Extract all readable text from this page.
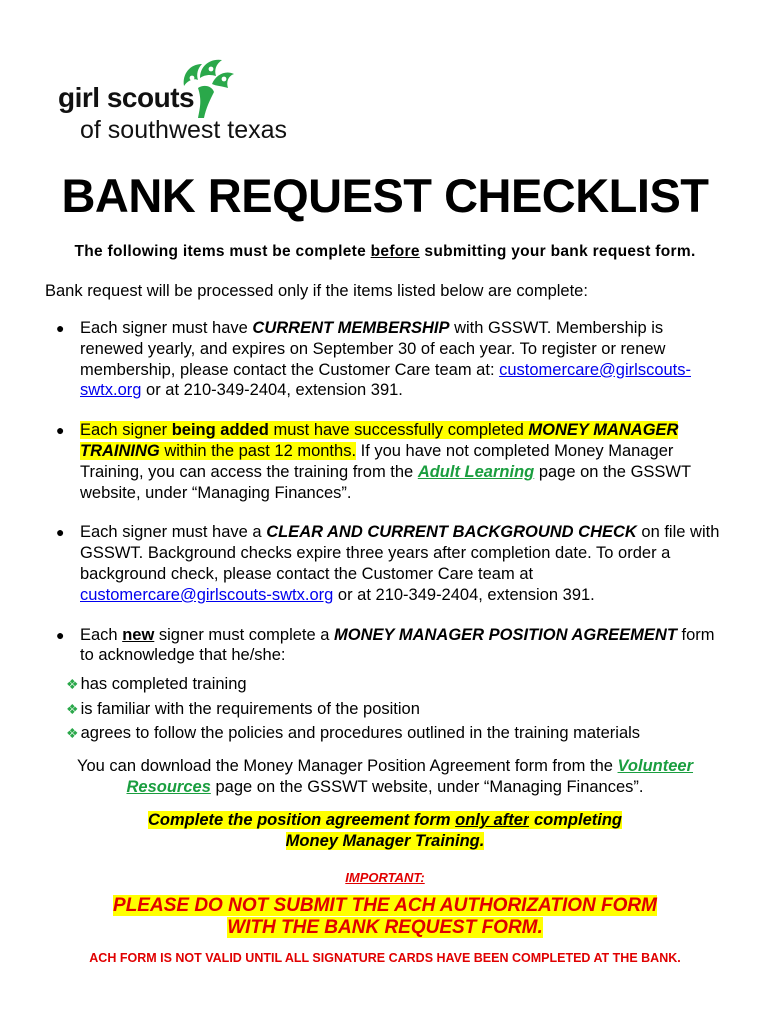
girl scouts
of southwest texas
BANK REQUEST CHECKLIST
The following items must be complete before submitting your bank request form.
Bank request will be processed only if the items listed below are complete:
● Each signer must have CURRENT MEMBERSHIP with GSSWT. Membership is renewed yearly, and expires on September 30 of each year. To register or renew membership, please contact the Customer Care team at: customercare@girlscouts-swtx.org or at 210-349-2404, extension 391.
● Each signer being added must have successfully completed MONEY MANAGER TRAINING within the past 12 months. If you have not completed Money Manager Training, you can access the training from the Adult Learning page on the GSSWT website, under “Managing Finances”.
● Each signer must have a CLEAR AND CURRENT BACKGROUND CHECK on file with GSSWT. Background checks expire three years after completion date. To order a background check, please contact the Customer Care team at customercare@girlscouts-swtx.org or at 210-349-2404, extension 391.
● Each new signer must complete a MONEY MANAGER POSITION AGREEMENT form to acknowledge that he/she:
❖ has completed training
❖ is familiar with the requirements of the position
❖ agrees to follow the policies and procedures outlined in the training materials
You can download the Money Manager Position Agreement form from the Volunteer Resources page on the GSSWT website, under “Managing Finances”.
Complete the position agreement form only after completing
Money Manager Training.
IMPORTANT:
PLEASE DO NOT SUBMIT THE ACH AUTHORIZATION FORM
WITH THE BANK REQUEST FORM.
ACH FORM IS NOT VALID UNTIL ALL SIGNATURE CARDS HAVE BEEN COMPLETED AT THE BANK.
